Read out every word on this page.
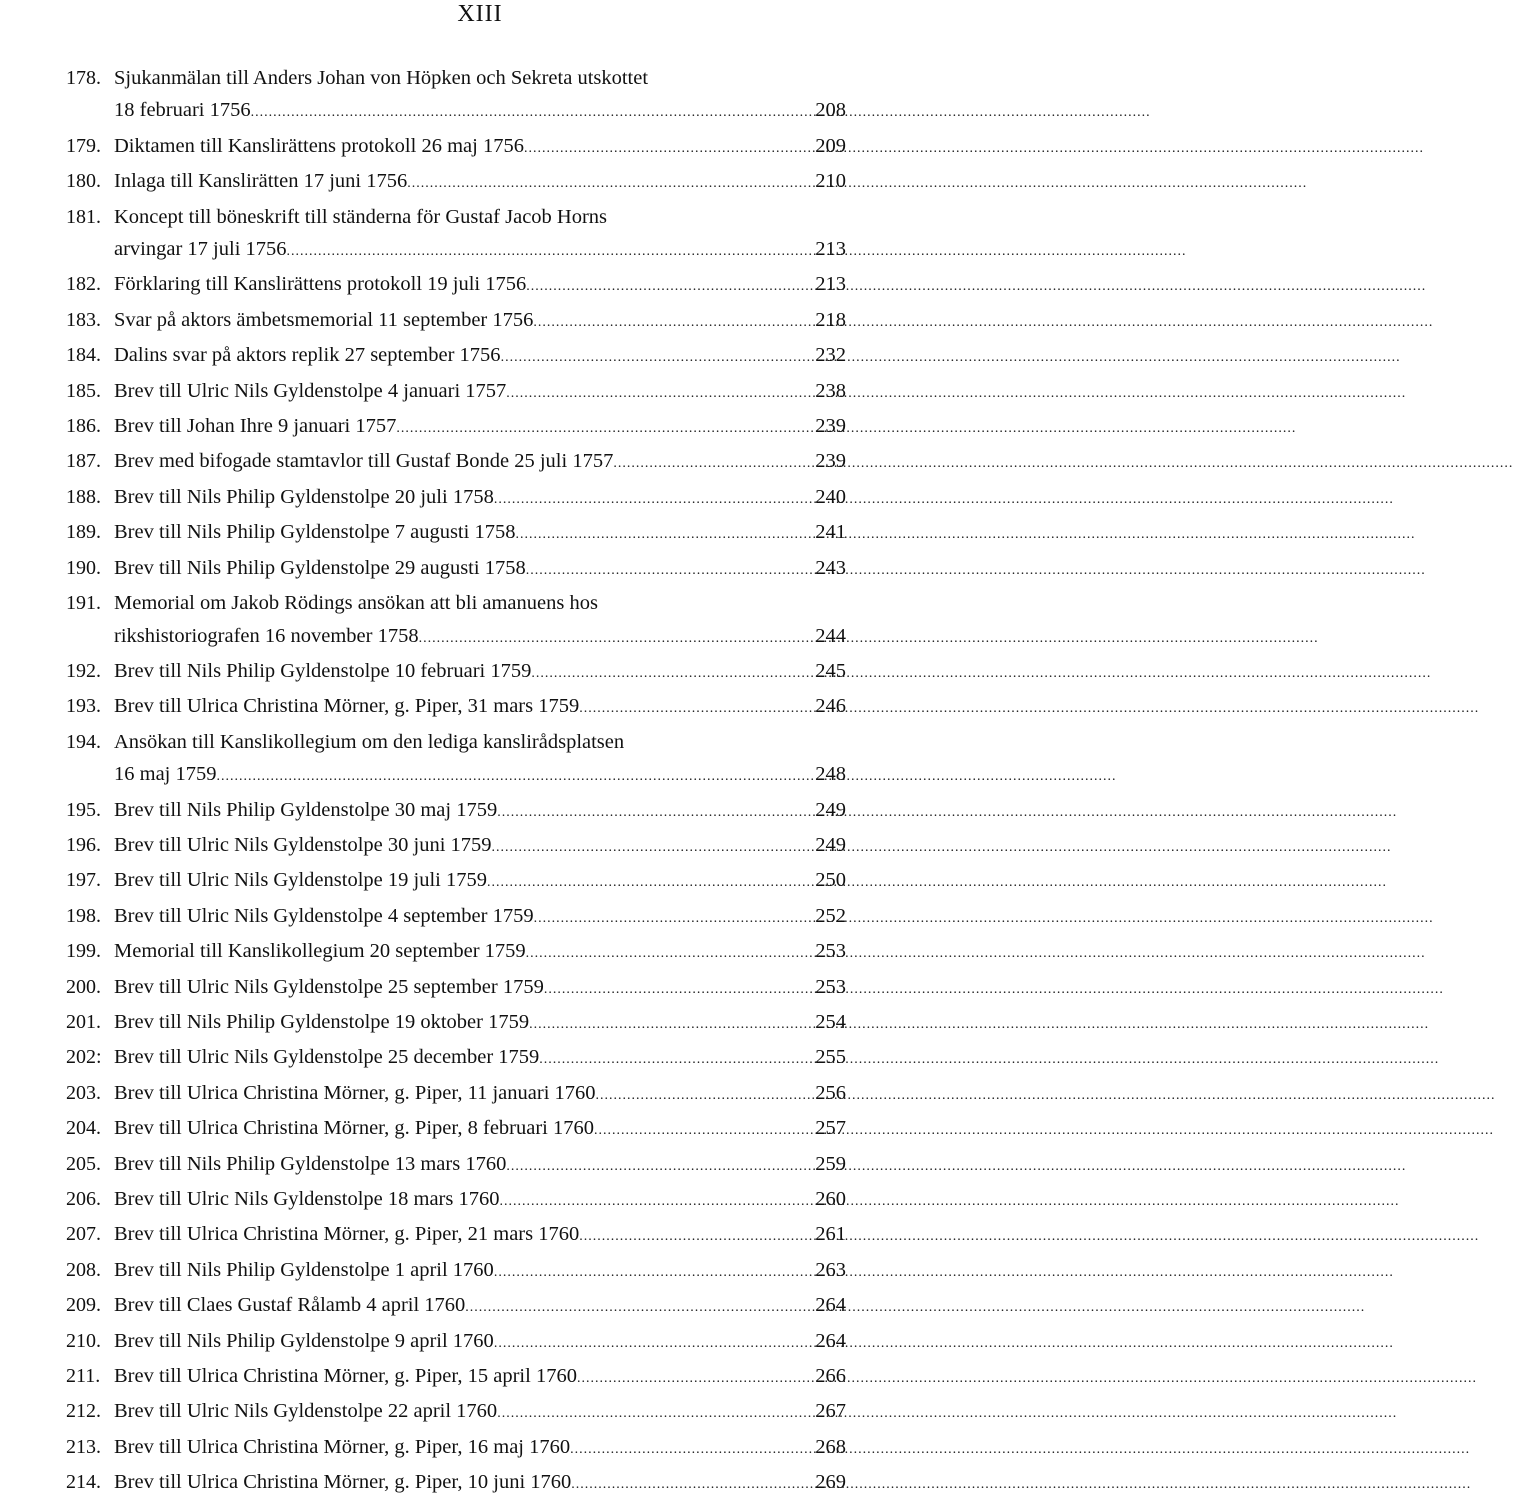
XIII
178. Sjukanmälan till Anders Johan von Höpken och Sekreta utskottet
18 februari 1756 .....	208
179. Diktamen till Kanslirättens protokoll 26 maj 1756 .....	209
180. Inlaga till Kanslirätten 17 juni 1756 .....	210
181. Koncept till böneskrift till ständerna för Gustaf Jacob Horns
arvingar 17 juli 1756 .....	213
182. Förklaring till Kanslirättens protokoll 19 juli 1756 .....	213
183. Svar på aktors ämbetsmemorial 11 september 1756 .....	218
184. Dalins svar på aktors replik 27 september 1756 .....	232
185. Brev till Ulric Nils Gyldenstolpe 4 januari 1757 .....	238
186. Brev till Johan Ihre 9 januari 1757 .....	239
187. Brev med bifogade stamtavlor till Gustaf Bonde 25 juli 1757 .....	239
188. Brev till Nils Philip Gyldenstolpe 20 juli 1758 .....	240
189. Brev till Nils Philip Gyldenstolpe 7 augusti 1758 .....	241
190. Brev till Nils Philip Gyldenstolpe 29 augusti 1758 .....	243
191. Memorial om Jakob Rödings ansökan att bli amanuens hos
rikshistoriografen 16 november 1758 .....	244
192. Brev till Nils Philip Gyldenstolpe 10 februari 1759 .....	245
193. Brev till Ulrica Christina Mörner, g. Piper, 31 mars 1759 .....	246
194. Ansökan till Kanslikollegium om den lediga kanslirådsplatsen
16 maj 1759 .....	248
195. Brev till Nils Philip Gyldenstolpe 30 maj 1759 .....	249
196. Brev till Ulric Nils Gyldenstolpe 30 juni 1759 .....	249
197. Brev till Ulric Nils Gyldenstolpe 19 juli 1759 .....	250
198. Brev till Ulric Nils Gyldenstolpe 4 september 1759 .....	252
199. Memorial till Kanslikollegium 20 september 1759 .....	253
200. Brev till Ulric Nils Gyldenstolpe 25 september 1759 .....	253
201. Brev till Nils Philip Gyldenstolpe 19 oktober 1759 .....	254
202: Brev till Ulric Nils Gyldenstolpe 25 december 1759 .....	255
203. Brev till Ulrica Christina Mörner, g. Piper, 11 januari 1760 .....	256
204. Brev till Ulrica Christina Mörner, g. Piper, 8 februari 1760 .....	257
205. Brev till Nils Philip Gyldenstolpe 13 mars 1760 .....	259
206. Brev till Ulric Nils Gyldenstolpe 18 mars 1760 .....	260
207. Brev till Ulrica Christina Mörner, g. Piper, 21 mars 1760 .....	261
208. Brev till Nils Philip Gyldenstolpe 1 april 1760 .....	263
209. Brev till Claes Gustaf Rålamb 4 april 1760 .....	264
210. Brev till Nils Philip Gyldenstolpe 9 april 1760 .....	264
211. Brev till Ulrica Christina Mörner, g. Piper, 15 april 1760 .....	266
212. Brev till Ulric Nils Gyldenstolpe 22 april 1760 .....	267
213. Brev till Ulrica Christina Mörner, g. Piper, 16 maj 1760 .....	268
214. Brev till Ulrica Christina Mörner, g. Piper, 10 juni 1760 .....	269
